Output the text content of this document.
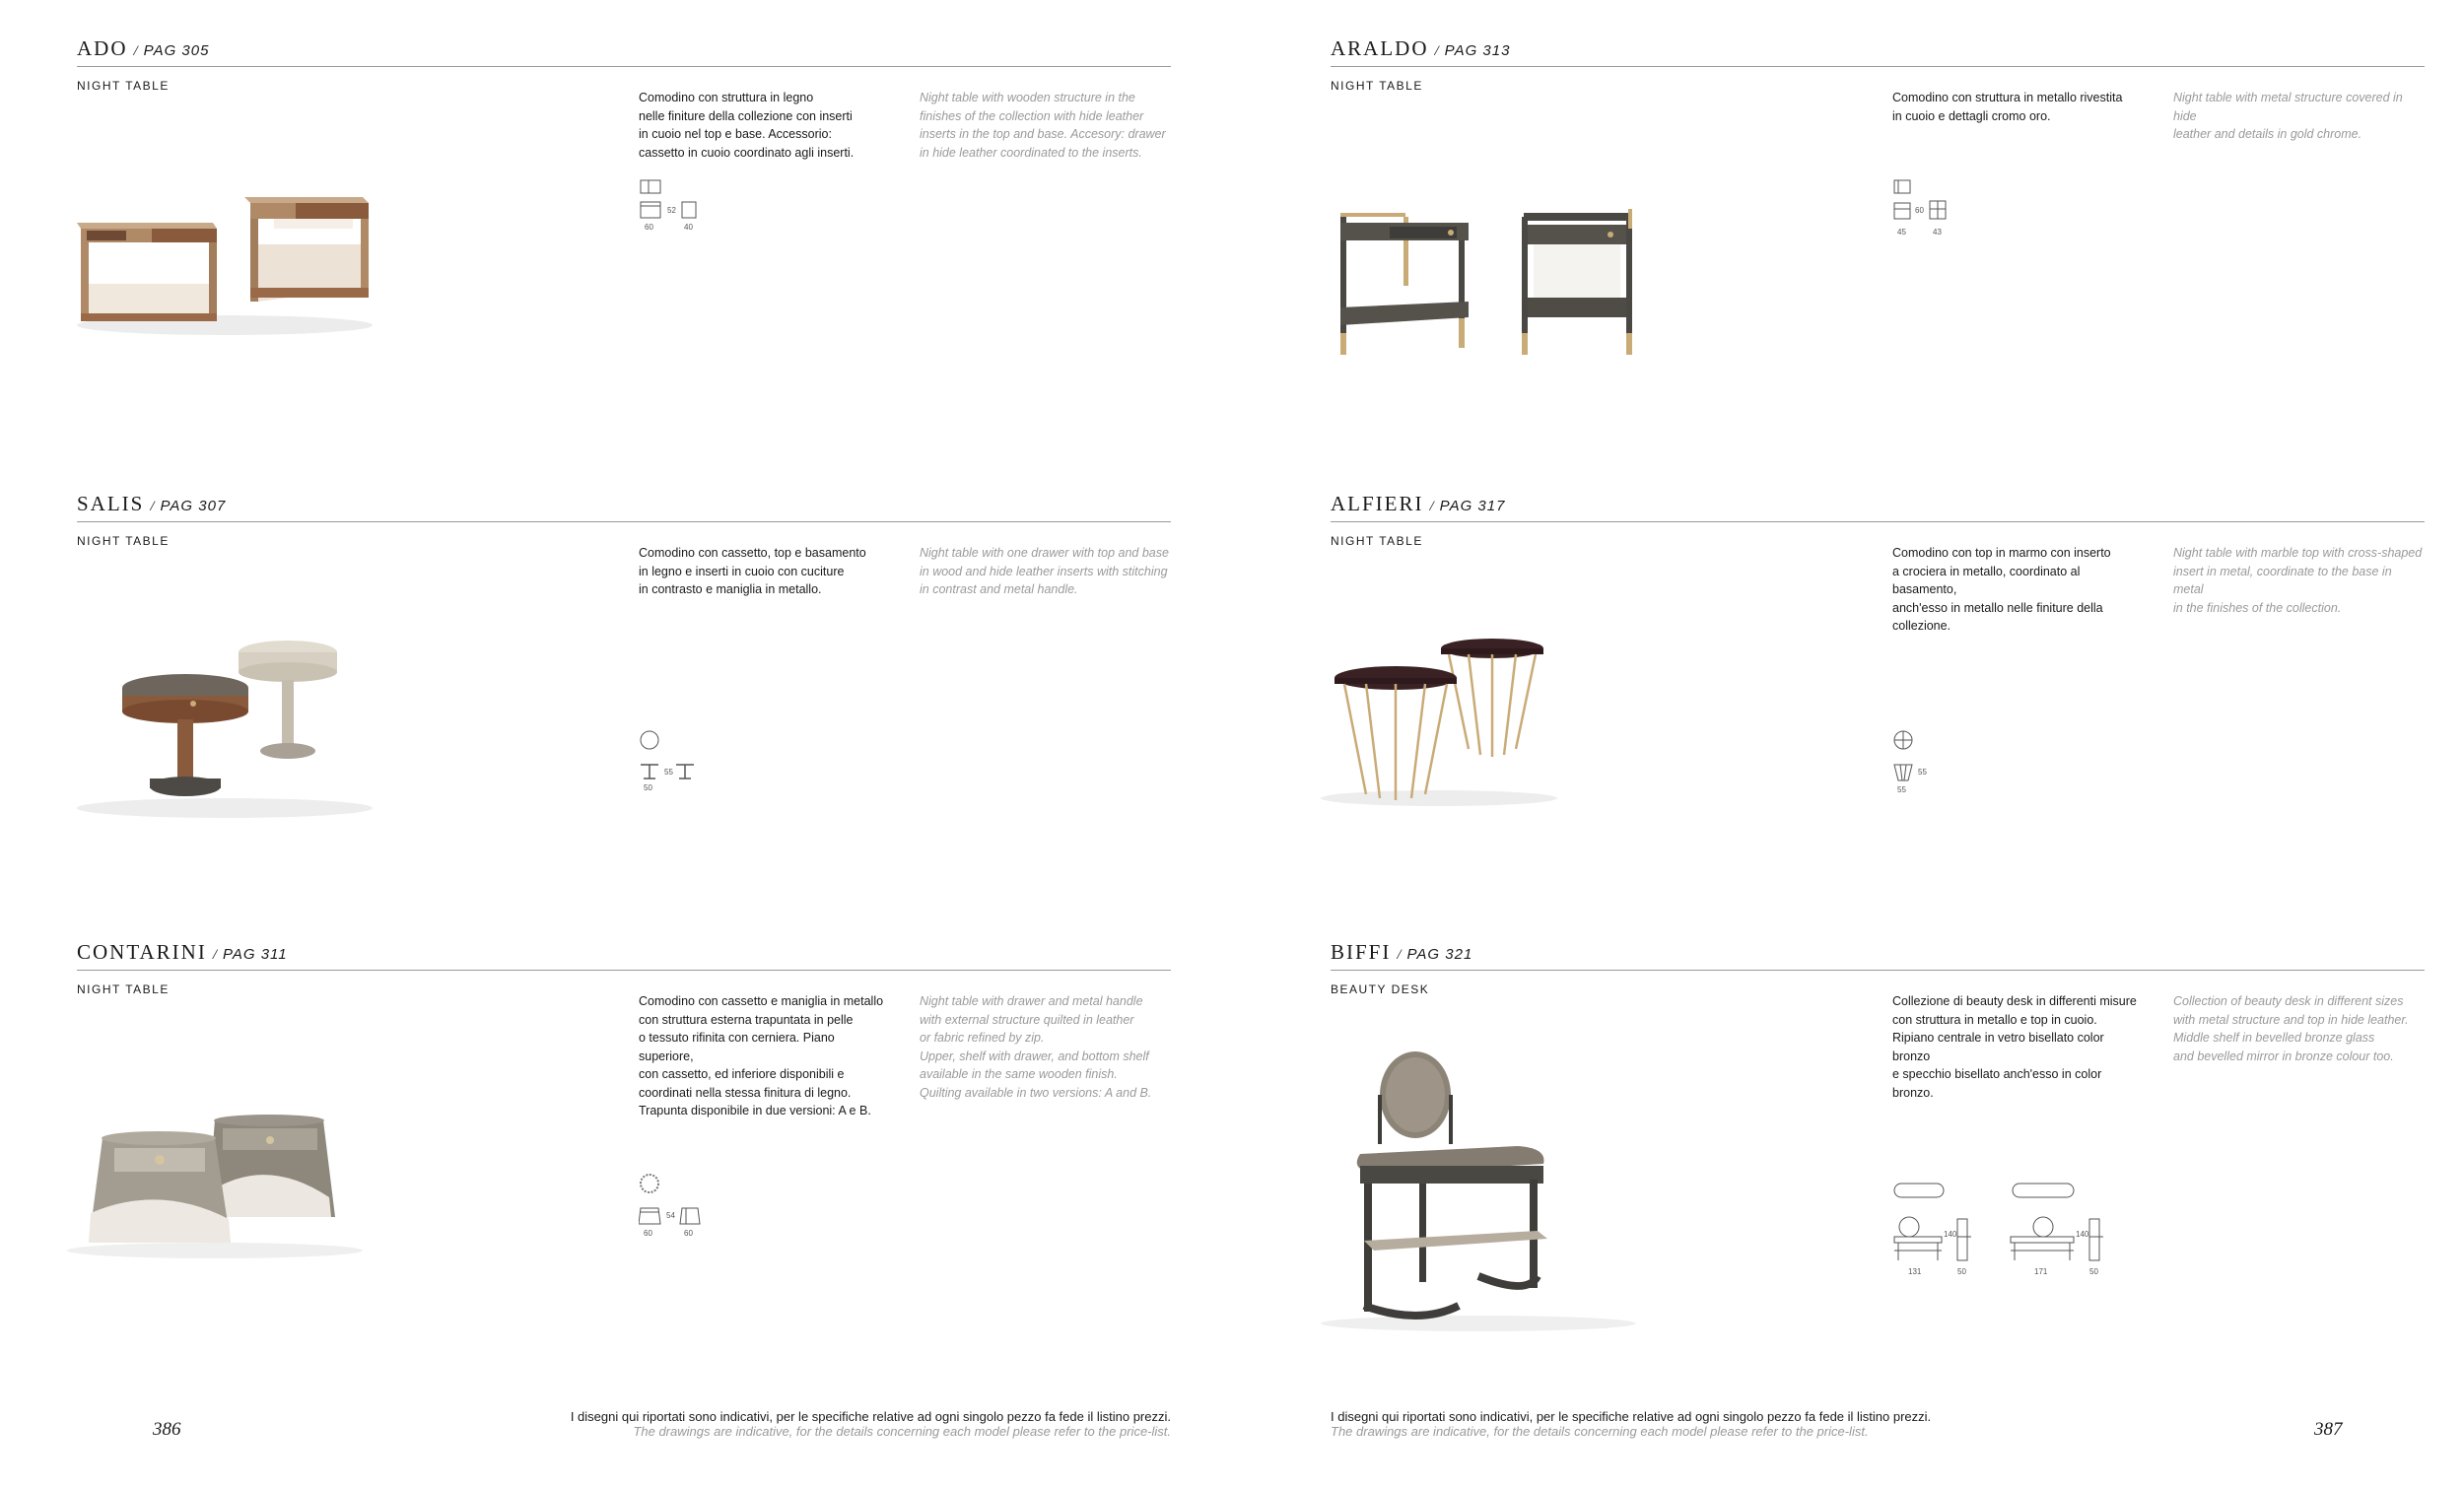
ADO / PAG 305
NIGHT TABLE
Comodino con struttura in legno
nelle finiture della collezione con inserti
in cuoio nel top e base. Accessorio:
cassetto in cuoio coordinato agli inserti.
Night table with wooden structure in the
finishes of the collection with hide leather
inserts in the top and base. Accesory: drawer
in hide leather coordinated to the inserts.
52
60	40
ARALDO / PAG 313
NIGHT TABLE
Comodino con struttura in metallo rivestita
in cuoio e dettagli cromo oro.
Night table with metal structure covered in hide
leather and details in gold chrome.
60
45	43
SALIS / PAG 307
NIGHT TABLE
Comodino con cassetto, top e basamento
in legno e inserti in cuoio con cuciture
in contrasto e maniglia in metallo.
Night table with one drawer with top and base
in wood and hide leather inserts with stitching
in contrast and metal handle.
55
50
ALFIERI / PAG 317
NIGHT TABLE
Comodino con top in marmo con inserto
a crociera in metallo, coordinato al basamento,
anch'esso in metallo nelle finiture della collezione.
Night table with marble top with cross-shaped
insert in metal, coordinate to the base in metal
in the finishes of the collection.
55
55
CONTARINI / PAG 311
NIGHT TABLE
Comodino con cassetto e maniglia in metallo
con struttura esterna trapuntata in pelle
o tessuto rifinita con cerniera. Piano superiore,
con cassetto, ed inferiore disponibili e
coordinati nella stessa finitura di legno.
Trapunta disponibile in due versioni: A e B.
Night table with drawer and metal handle
with external structure quilted in leather
or fabric refined by zip.
Upper, shelf with drawer, and bottom shelf
available in the same wooden finish.
Quilting available in two versions: A and B.
54
60	60
BIFFI / PAG 321
BEAUTY DESK
Collezione di beauty desk in differenti misure
con struttura in metallo e top in cuoio.
Ripiano centrale in vetro bisellato color bronzo
e specchio bisellato anch'esso in color bronzo.
Collection of beauty desk in different sizes
with metal structure and top in hide leather.
Middle shelf in bevelled bronze glass
and bevelled mirror in bronze colour too.
140
131	50
140
171	50
386
I disegni qui riportati sono indicativi, per le specifiche relative ad ogni singolo pezzo fa fede il listino prezzi.
The drawings are indicative, for the details concerning each model please refer to the price-list.
I disegni qui riportati sono indicativi, per le specifiche relative ad ogni singolo pezzo fa fede il listino prezzi.
The drawings are indicative, for the details concerning each model please refer to the price-list.	387
